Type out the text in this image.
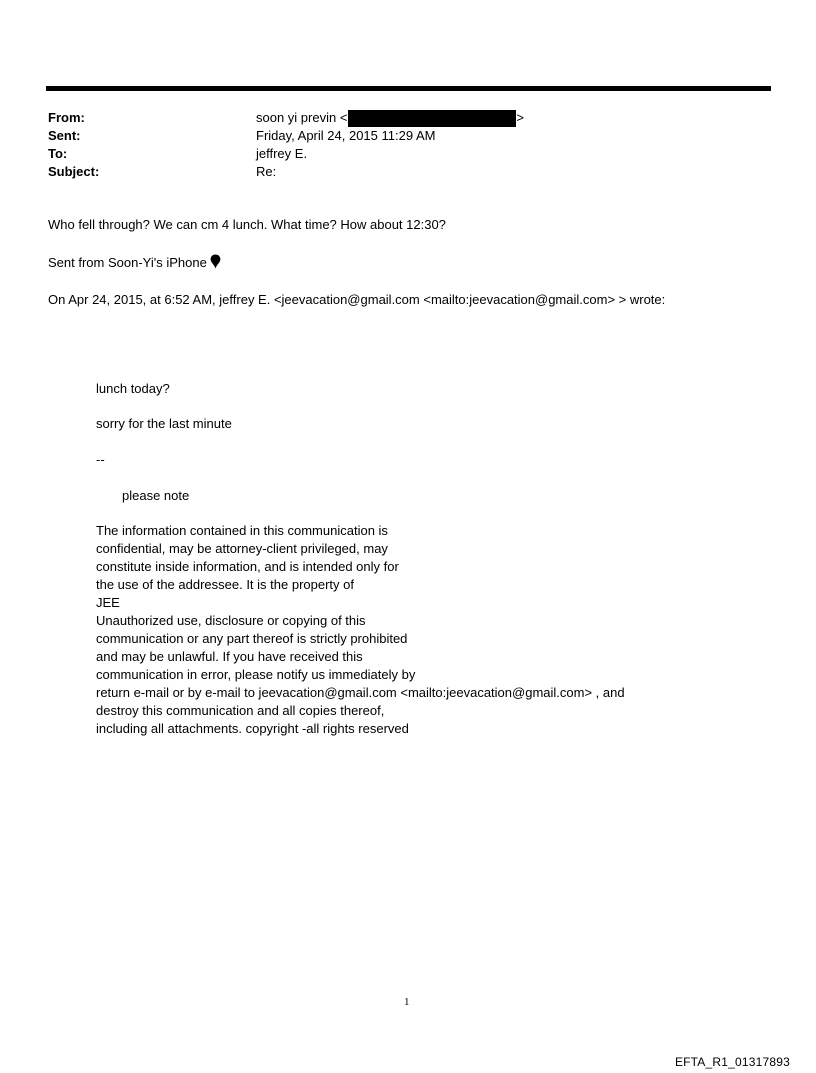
From:	soon yi previn <	>
Sent:	Friday, April 24, 2015 11:29 AM
To:	jeffrey E.
Subject:	Re:
Who fell through? We can cm 4 lunch. What time? How about 12:30?
Sent from Soon-Yi's iPhone
On Apr 24, 2015, at 6:52 AM, jeffrey E. <jeevacation@gmail.com <mailto:jeevacation@gmail.com> > wrote:
lunch today?
sorry for the last minute
--
please note
The information contained in this communication is
confidential, may be attorney-client privileged, may
constitute inside information, and is intended only for
the use of the addressee. It is the property of
JEE
Unauthorized use, disclosure or copying of this
communication or any part thereof is strictly prohibited
and may be unlawful. If you have received this
communication in error, please notify us immediately by
return e-mail or by e-mail to jeevacation@gmail.com <mailto:jeevacation@gmail.com> , and
destroy this communication and all copies thereof,
including all attachments. copyright -all rights reserved
1
EFTA_R1_01317893
